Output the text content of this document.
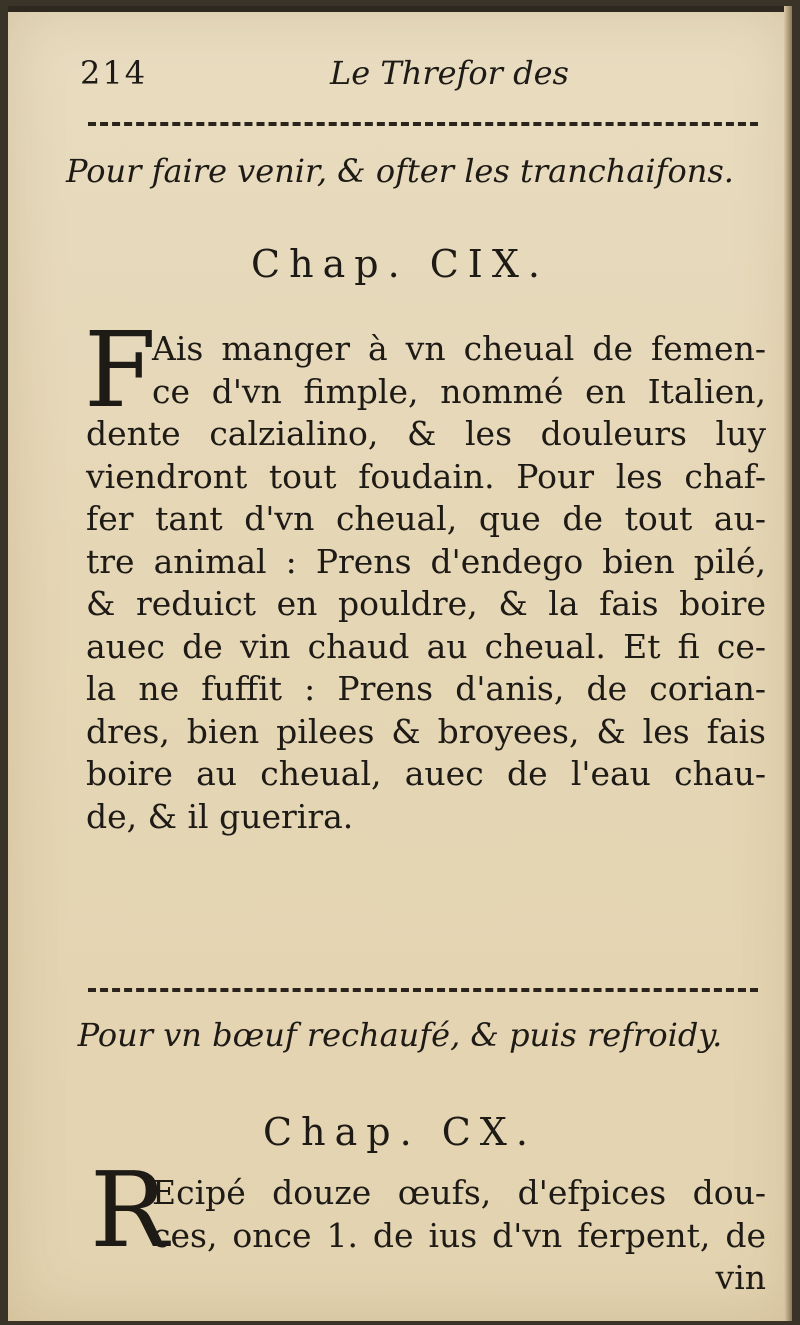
214	Le Threfor des
Pour faire venir, & ofter les tranchaifons.
Chap. CIX.
F
Ais manger à vn cheual de femen-
ce d'vn fimple, nommé en Italien,
dente calzialino, & les douleurs luy
viendront tout foudain. Pour les chaf-
fer tant d'vn cheual, que de tout au-
tre animal : Prens d'endego bien pilé,
& reduict en pouldre, & la fais boire
auec de vin chaud au cheual. Et fi ce-
la ne fuffit : Prens d'anis, de corian-
dres, bien pilees & broyees, & les fais
boire au cheual, auec de l'eau chau-
de, & il guerira.
Pour vn bœuf rechaufé, & puis refroidy.
Chap. CX.
R
Ecipé douze œufs, d'efpices dou-
ces, once 1. de ius d'vn ferpent, de
vin
